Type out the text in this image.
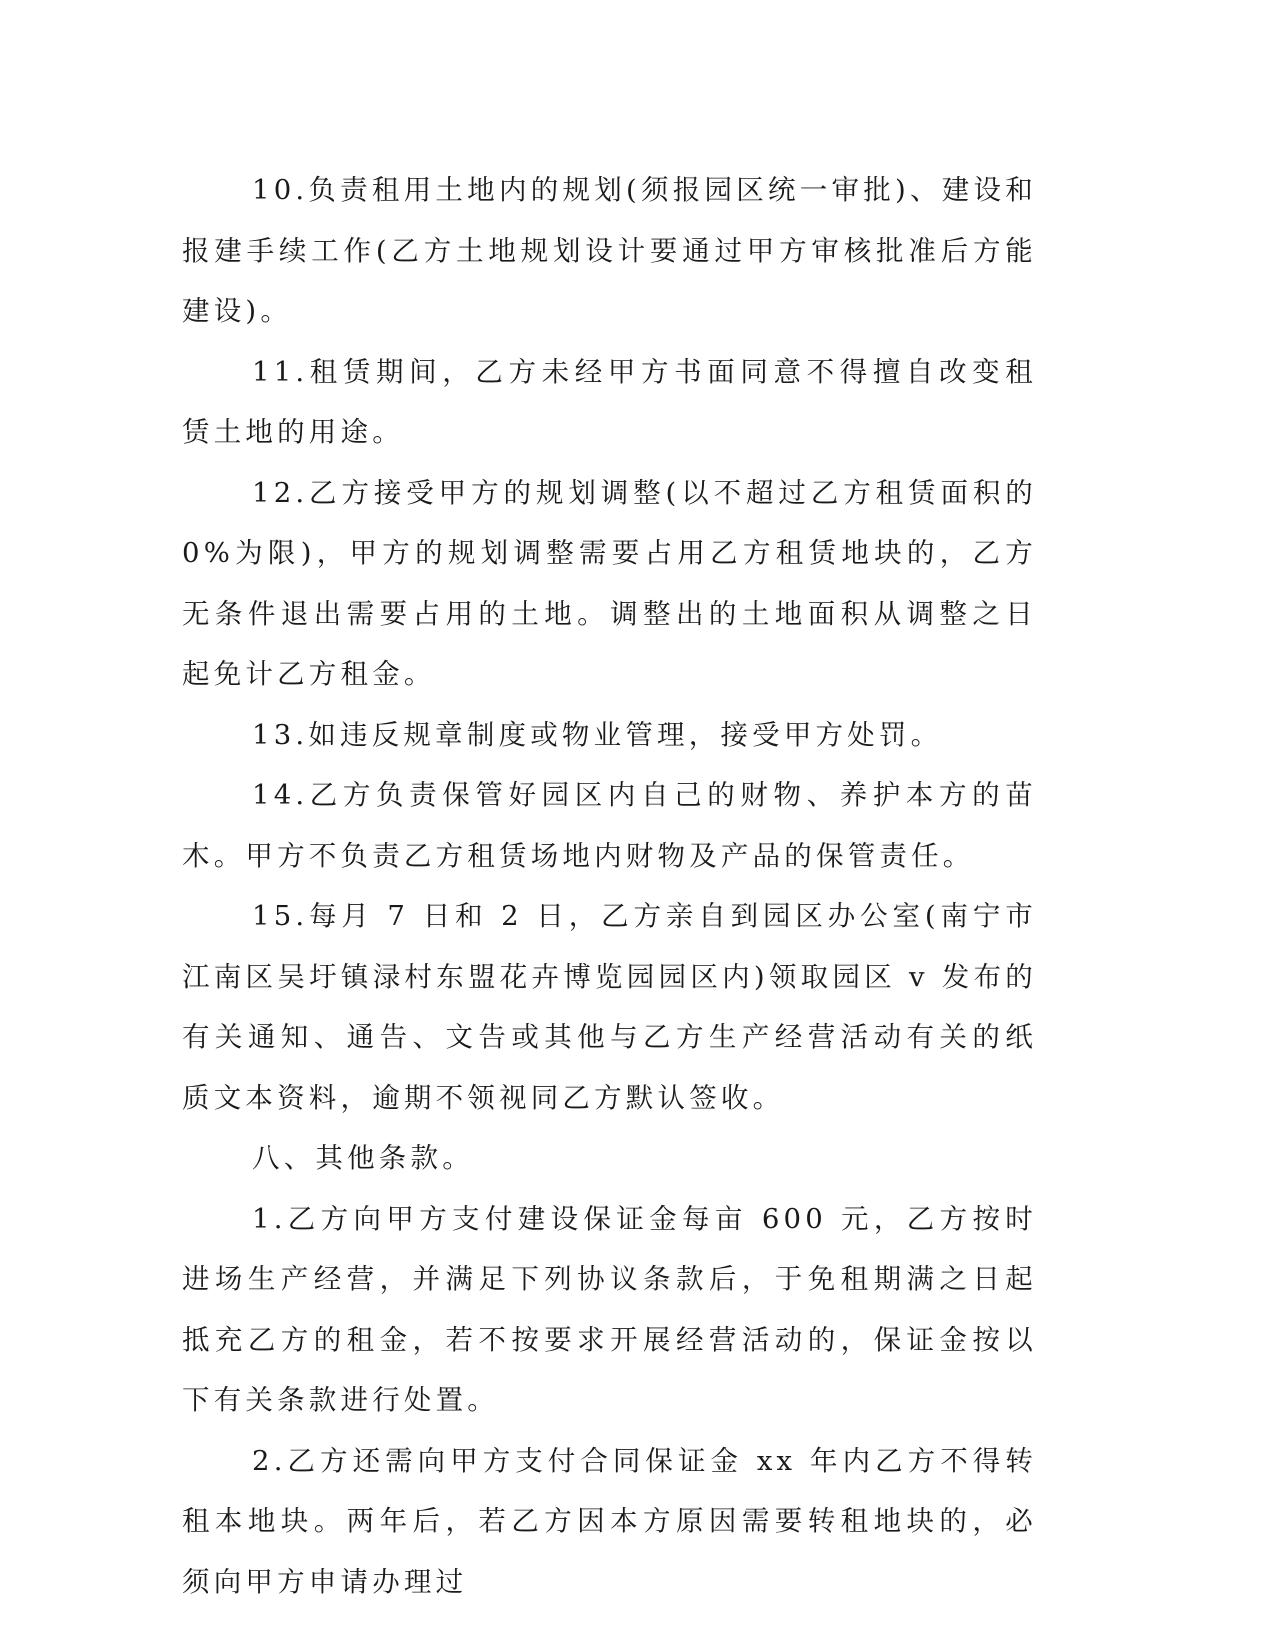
10.负责租用土地内的规划(须报园区统一审批)、建设和报建手续工作(乙方土地规划设计要通过甲方审核批准后方能建设)。

11.租赁期间，乙方未经甲方书面同意不得擅自改变租赁土地的用途。

12.乙方接受甲方的规划调整(以不超过乙方租赁面积的 0%为限)，甲方的规划调整需要占用乙方租赁地块的，乙方无条件退出需要占用的土地。调整出的土地面积从调整之日起免计乙方租金。

13.如违反规章制度或物业管理，接受甲方处罚。

14.乙方负责保管好园区内自己的财物、养护本方的苗木。甲方不负责乙方租赁场地内财物及产品的保管责任。

15.每月 7 日和 2 日，乙方亲自到园区办公室(南宁市江南区吴圩镇渌村东盟花卉博览园园区内)领取园区 v 发布的有关通知、通告、文告或其他与乙方生产经营活动有关的纸质文本资料，逾期不领视同乙方默认签收。

八、其他条款。

1.乙方向甲方支付建设保证金每亩 600 元，乙方按时进场生产经营，并满足下列协议条款后，于免租期满之日起抵充乙方的租金，若不按要求开展经营活动的，保证金按以下有关条款进行处置。

2.乙方还需向甲方支付合同保证金 xx 年内乙方不得转租本地块。两年后，若乙方因本方原因需要转租地块的，必须向甲方申请办理过
